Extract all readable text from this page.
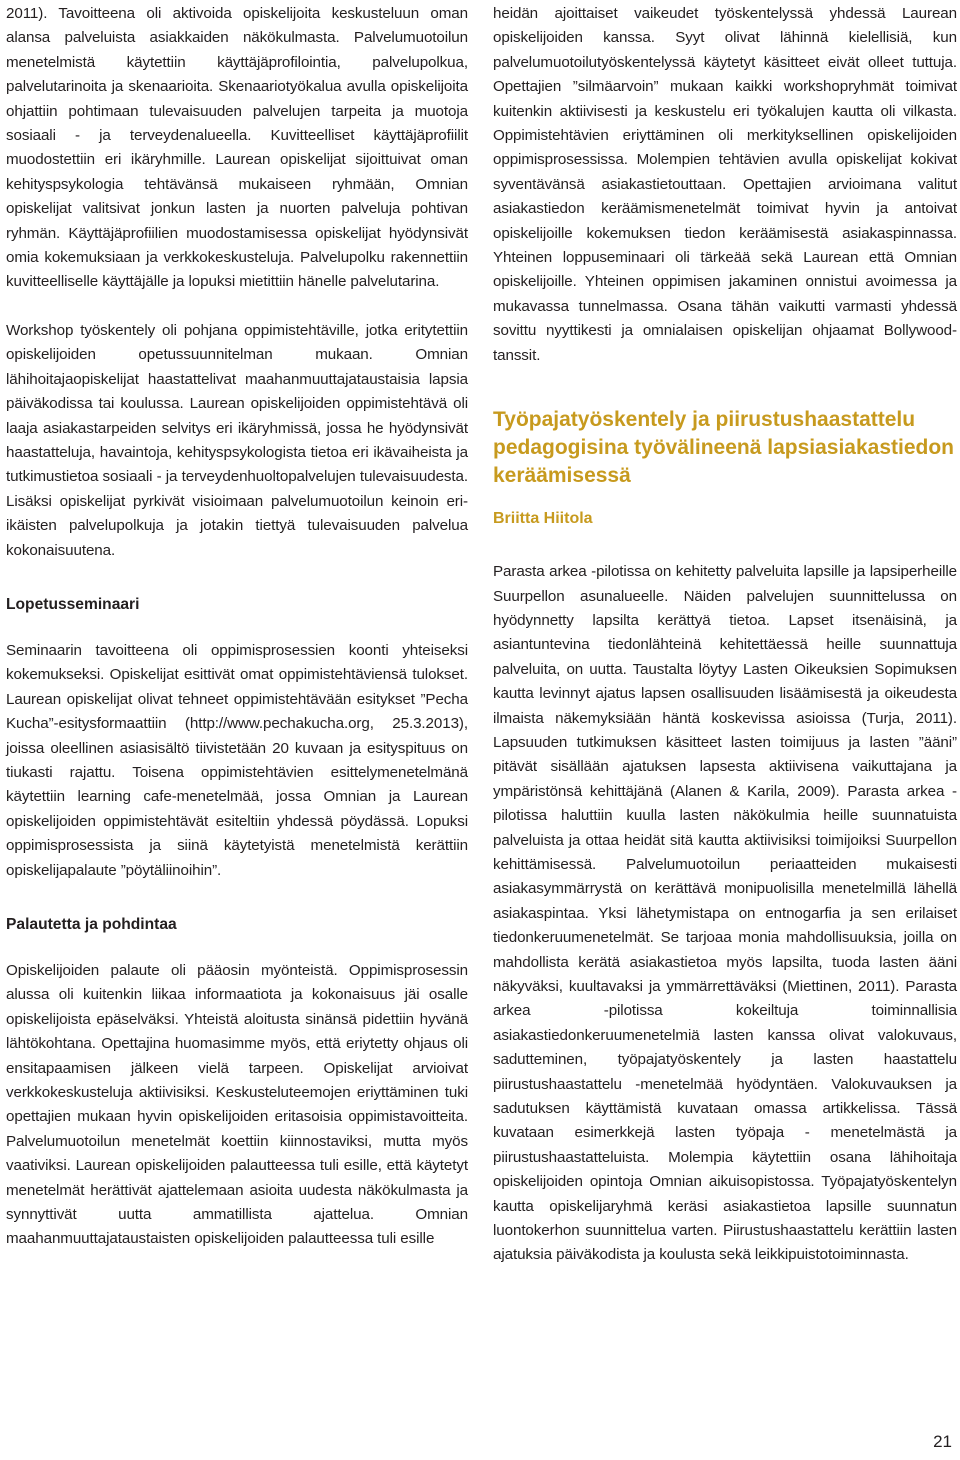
2011). Tavoitteena oli aktivoida opiskelijoita keskusteluun oman alansa palveluista asiakkaiden näkökulmasta. Palvelumuotoilun menetelmistä käytettiin käyttäjäprofilointia, palvelupolkua, palvelutarinoita ja skenaarioita. Skenaariotyökalua avulla opiskelijoita ohjattiin pohtimaan tulevaisuuden palvelujen tarpeita ja muotoja sosiaali - ja terveydenalueella. Kuvitteelliset käyttäjäprofiilit muodostettiin eri ikäryhmille. Laurean opiskelijat sijoittuivat oman kehityspsykologia tehtävänsä mukaiseen ryhmään, Omnian opiskelijat valitsivat jonkun lasten ja nuorten palveluja pohtivan ryhmän. Käyttäjäprofiilien muodostamisessa opiskelijat hyödynsivät omia kokemuksiaan ja verkkokeskusteluja. Palvelupolku rakennettiin kuvitteelliselle käyttäjälle ja lopuksi mietittiin hänelle palvelutarina.

Workshop työskentely oli pohjana oppimistehtäville, jotka eritytettiin opiskelijoiden opetussuunnitelman mukaan. Omnian lähihoitajaopiskelijat haastattelivat maahanmuuttajataustaisia lapsia päiväkodissa tai koulussa. Laurean opiskelijoiden oppimistehtävä oli laaja asiakastarpeiden selvitys eri ikäryhmissä, jossa he hyödynsivät haastatteluja, havaintoja, kehityspsykologista tietoa eri ikävaiheista ja tutkimustietoa sosiaali - ja terveydenhuoltopalvelujen tulevaisuudesta. Lisäksi opiskelijat pyrkivät visioimaan palvelumuotoilun keinoin eri-ikäisten palvelupolkuja ja jotakin tiettyä tulevaisuuden palvelua kokonaisuutena.

Lopetusseminaari

Seminaarin tavoitteena oli oppimisprosessien koonti yhteiseksi kokemukseksi. Opiskelijat esittivät omat oppimistehtäviensä tulokset. Laurean opiskelijat olivat tehneet oppimistehtävään esitykset ”Pecha Kucha”-esitysformaattiin (http://www.pechakucha.org, 25.3.2013), joissa oleellinen asiasisältö tiivistetään 20 kuvaan ja esityspituus on tiukasti rajattu. Toisena oppimistehtävien esittelymenetelmänä käytettiin learning cafe-menetelmää, jossa Omnian ja Laurean opiskelijoiden oppimistehtävät esiteltiin yhdessä pöydässä. Lopuksi oppimisprosessista ja siinä käytetyistä menetelmistä kerättiin opiskelijapalaute ”pöytäliinoihin”.

Palautetta ja pohdintaa

Opiskelijoiden palaute oli pääosin myönteistä. Oppimisprosessin alussa oli kuitenkin liikaa informaatiota ja kokonaisuus jäi osalle opiskelijoista epäselväksi. Yhteistä aloitusta sinänsä pidettiin hyvänä lähtökohtana. Opettajina huomasimme myös, että eriytetty ohjaus oli ensitapaamisen jälkeen vielä tarpeen. Opiskelijat arvioivat verkkokeskusteluja aktiivisiksi. Keskusteluteemojen eriyttäminen tuki opettajien mukaan hyvin opiskelijoiden eritasoisia oppimistavoitteita. Palvelumuotoilun menetelmät koettiin kiinnostaviksi, mutta myös vaativiksi. Laurean opiskelijoiden palautteessa tuli esille, että käytetyt menetelmät herättivät ajattelemaan asioita uudesta näkökulmasta ja synnyttivät uutta ammatillista ajattelua. Omnian maahanmuuttajataustaisten opiskelijoiden palautteessa tuli esille

heidän ajoittaiset vaikeudet työskentelyssä yhdessä Laurean opiskelijoiden kanssa. Syyt olivat lähinnä kielellisiä, kun palvelumuotoilutyöskentelyssä käytetyt käsitteet eivät olleet tuttuja. Opettajien ”silmäarvoin” mukaan kaikki workshopryhmät toimivat kuitenkin aktiivisesti ja keskustelu eri työkalujen kautta oli vilkasta. Oppimistehtävien eriyttäminen oli merkityksellinen opiskelijoiden oppimisprosessissa. Molempien tehtävien avulla opiskelijat kokivat syventävänsä asiakastietouttaan. Opettajien arvioimana valitut asiakastiedon keräämismenetelmät toimivat hyvin ja antoivat opiskelijoille kokemuksen tiedon keräämisestä asiakaspinnassa. Yhteinen loppuseminaari oli tärkeää sekä Laurean että Omnian opiskelijoille. Yhteinen oppimisen jakaminen onnistui avoimessa ja mukavassa tunnelmassa. Osana tähän vaikutti varmasti yhdessä sovittu nyyttikesti ja omnialaisen opiskelijan ohjaamat Bollywood-tanssit.

Työpajatyöskentely ja piirustushaastattelu pedagogisina työvälineenä lapsiasiakastiedon keräämisessä
Briitta Hiitola

Parasta arkea -pilotissa on kehitetty palveluita lapsille ja lapsiperheille Suurpellon asunalueelle. Näiden palvelujen suunnittelussa on hyödynnetty lapsilta kerättyä tietoa. Lapset itsenäisinä, ja asiantuntevina tiedonlähteinä kehitettäessä heille suunnattuja palveluita, on uutta. Taustalta löytyy Lasten Oikeuksien Sopimuksen kautta levinnyt ajatus lapsen osallisuuden lisäämisestä ja oikeudesta ilmaista näkemyksiään häntä koskevissa asioissa (Turja, 2011). Lapsuuden tutkimuksen käsitteet lasten toimijuus ja lasten ”ääni” pitävät sisällään ajatuksen lapsesta aktiivisena vaikuttajana ja ympäristönsä kehittäjänä (Alanen & Karila, 2009). Parasta arkea -pilotissa haluttiin kuulla lasten näkökulmia heille suunnatuista palveluista ja ottaa heidät sitä kautta aktiivisiksi toimijoiksi Suurpellon kehittämisessä. Palvelumuotoilun periaatteiden mukaisesti asiakasymmärrystä on kerättävä monipuolisilla menetelmillä lähellä asiakaspintaa. Yksi lähetymistapa on entnogarfia ja sen erilaiset tiedonkeruumenetelmät. Se tarjoaa monia mahdollisuuksia, joilla on mahdollista kerätä asiakastietoa myös lapsilta, tuoda lasten ääni näkyväksi, kuultavaksi ja ymmärrettäväksi (Miettinen, 2011). Parasta arkea -pilotissa kokeiltuja toiminnallisia asiakastiedonkeruumenetelmiä lasten kanssa olivat valokuvaus, sadutteminen, työpajatyöskentely ja lasten haastattelu piirustushaastattelu -menetelmää hyödyntäen. Valokuvauksen ja sadutuksen käyttämistä kuvataan omassa artikkelissa. Tässä kuvataan esimerkkejä lasten työpaja - menetelmästä ja piirustushaastatteluista. Molempia käytettiin osana lähihoitaja opiskelijoiden opintoja Omnian aikuisopistossa. Työpajatyöskentelyn kautta opiskelijaryhmä keräsi asiakastietoa lapsille suunnatun luontokerhon suunnittelua varten. Piirustushaastattelu kerättiin lasten ajatuksia päiväkodista ja koulusta sekä leikkipuistotoiminnasta.

21
